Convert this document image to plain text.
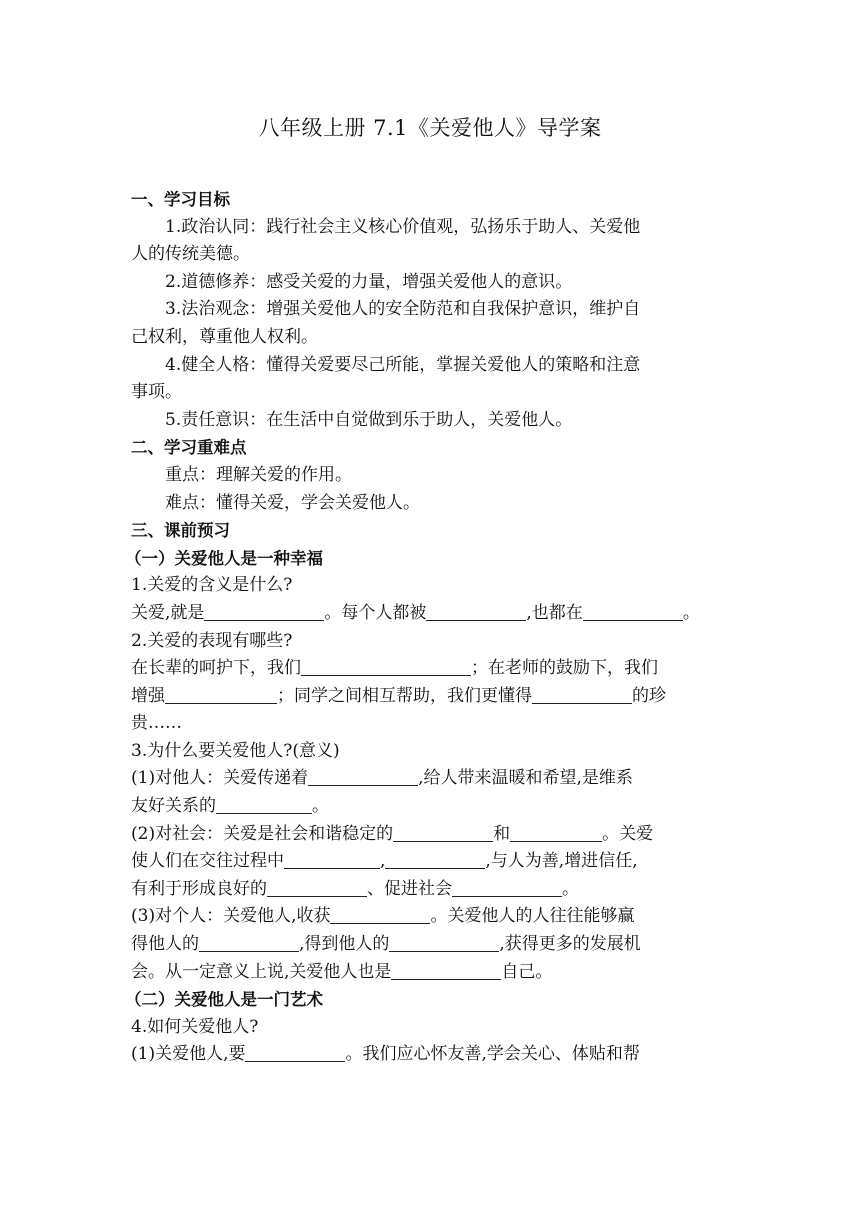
八年级上册 7.1《关爱他人》导学案
一、学习目标
1.政治认同：践行社会主义核心价值观，弘扬乐于助人、关爱他
人的传统美德。
2.道德修养：感受关爱的力量，增强关爱他人的意识。
3.法治观念：增强关爱他人的安全防范和自我保护意识，维护自
己权利，尊重他人权利。
4.健全人格：懂得关爱要尽己所能，掌握关爱他人的策略和注意
事项。
5.责任意识：在生活中自觉做到乐于助人，关爱他人。
二、学习重难点
重点：理解关爱的作用。
难点：懂得关爱，学会关爱他人。
三、课前预习
（一）关爱他人是一种幸福
1.关爱的含义是什么?
关爱,就是	。每个人都被	,也都在	。
2.关爱的表现有哪些?
在长辈的呵护下，我们	；在老师的鼓励下，我们
增强	；同学之间相互帮助，我们更懂得	的珍
贵……
3.为什么要关爱他人?(意义)
(1)对他人：关爱传递着	,给人带来温暖和希望,是维系
友好关系的	。
(2)对社会：关爱是社会和谐稳定的	和	。关爱
使人们在交往过程中	,	,与人为善,增进信任,
有利于形成良好的	、促进社会	。
(3)对个人：关爱他人,收获	。关爱他人的人往往能够赢
得他人的	,得到他人的	,获得更多的发展机
会。从一定意义上说,关爱他人也是	自己。
（二）关爱他人是一门艺术
4.如何关爱他人?
(1)关爱他人,要	。我们应心怀友善,学会关心、体贴和帮
